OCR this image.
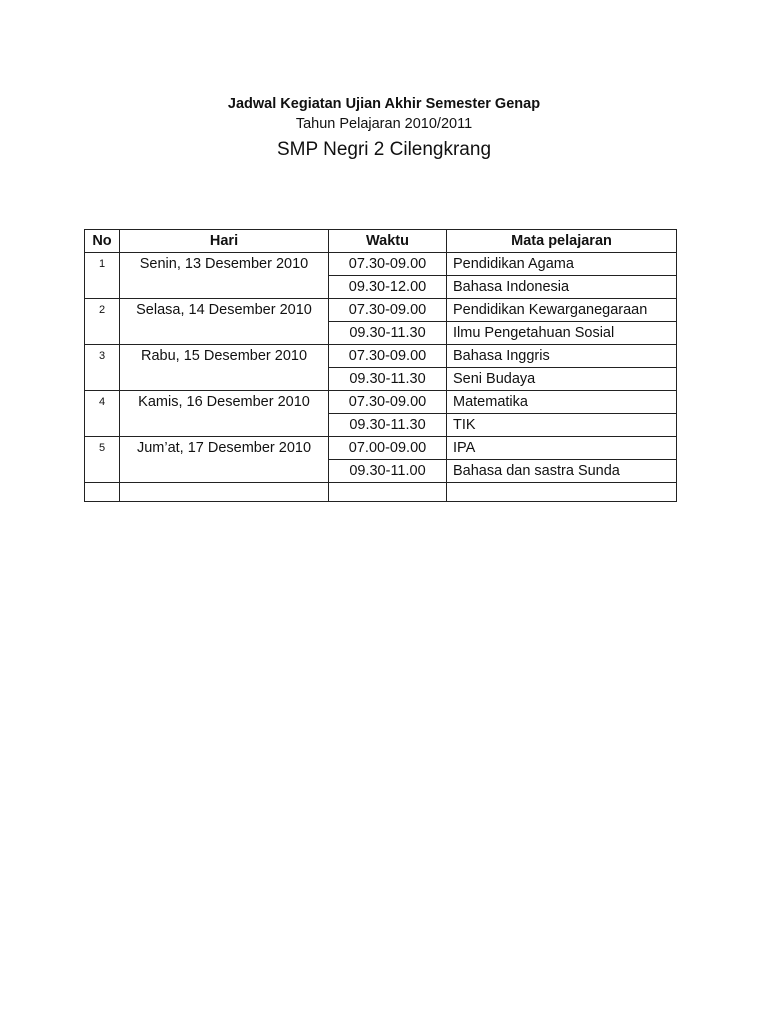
Jadwal Kegiatan Ujian Akhir Semester Genap
Tahun Pelajaran 2010/2011
SMP Negri 2 Cilengkrang
No	Hari	Waktu	Mata pelajaran
1	Senin, 13 Desember 2010	07.30-09.00	Pendidikan Agama
		09.30-12.00	Bahasa Indonesia
2	Selasa, 14 Desember 2010	07.30-09.00	Pendidikan Kewarganegaraan
		09.30-11.30	Ilmu Pengetahuan Sosial
3	Rabu, 15 Desember 2010	07.30-09.00	Bahasa Inggris
		09.30-11.30	Seni Budaya
4	Kamis, 16 Desember 2010	07.30-09.00	Matematika
		09.30-11.30	TIK
5	Jum’at, 17 Desember 2010	07.00-09.00	IPA
		09.30-11.00	Bahasa dan sastra Sunda
